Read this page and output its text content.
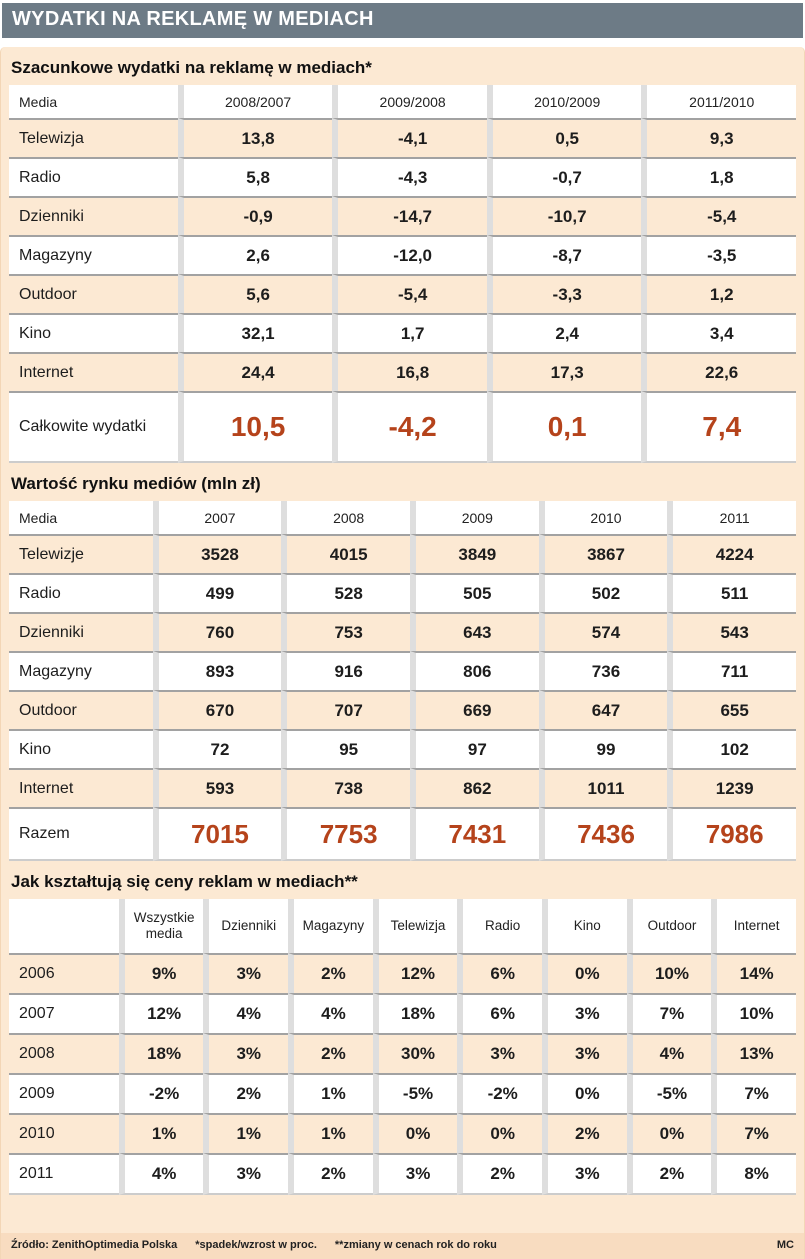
WYDATKI NA REKLAMĘ W MEDIACH
Szacunkowe wydatki na reklamę w mediach*
Media	2008/2007	2009/2008	2010/2009	2011/2010
Telewizja	13,8	-4,1	0,5	9,3
Radio	5,8	-4,3	-0,7	1,8
Dzienniki	-0,9	-14,7	-10,7	-5,4
Magazyny	2,6	-12,0	-8,7	-3,5
Outdoor	5,6	-5,4	-3,3	1,2
Kino	32,1	1,7	2,4	3,4
Internet	24,4	16,8	17,3	22,6
Całkowite wydatki	10,5	-4,2	0,1	7,4
Wartość rynku mediów (mln zł)
Media	2007	2008	2009	2010	2011
Telewizje	3528	4015	3849	3867	4224
Radio	499	528	505	502	511
Dzienniki	760	753	643	574	543
Magazyny	893	916	806	736	711
Outdoor	670	707	669	647	655
Kino	72	95	97	99	102
Internet	593	738	862	1011	1239
Razem	7015	7753	7431	7436	7986
Jak kształtują się ceny reklam w mediach**
	Wszystkie media	Dzienniki	Magazyny	Telewizja	Radio	Kino	Outdoor	Internet
2006	9%	3%	2%	12%	6%	0%	10%	14%
2007	12%	4%	4%	18%	6%	3%	7%	10%
2008	18%	3%	2%	30%	3%	3%	4%	13%
2009	-2%	2%	1%	-5%	-2%	0%	-5%	7%
2010	1%	1%	1%	0%	0%	2%	0%	7%
2011	4%	3%	2%	3%	2%	3%	2%	8%
Źródło: ZenithOptimedia Polska *spadek/wzrost w proc. **zmiany w cenach rok do roku	MC
